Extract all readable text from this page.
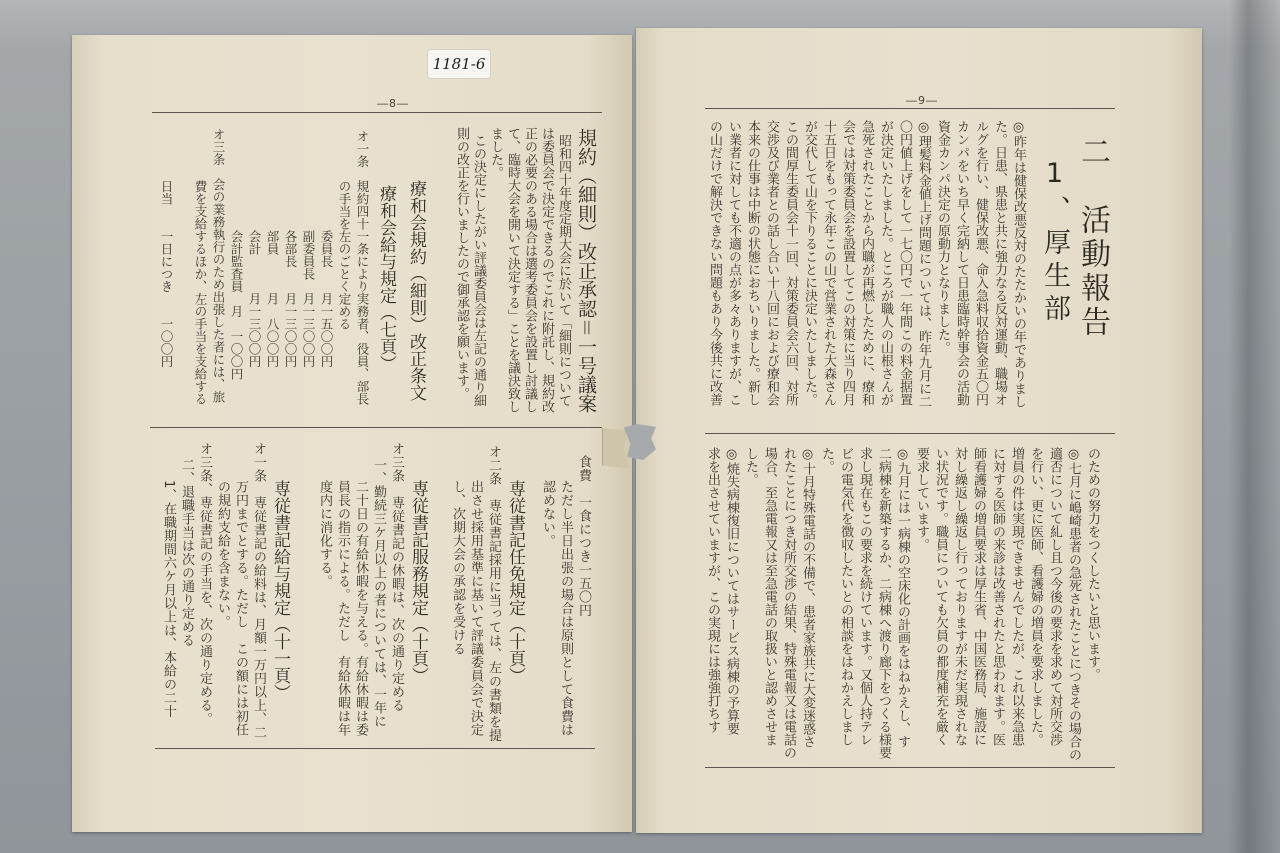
1181-6
―8―
規約（細則）改正承認＝一号議案
昭和四十年度定期大会に於いて「細則について
は委員会で決定できるのでこれに附託し、規約改
正の必要のある場合は選考委員会を設置し討議し
て、臨時大会を開いて決定する」ことを議決致し
ました。
この決定にしたがい評議委員会は左記の通り細
則の改正を行いましたので御承認を願います。
療和会規約（細則）改正条文
療和会給与規定（七頁）
オ一条　規約四十一条により実務者、役員、部長
の手当を左のごとく定める
委員長　　月一五〇〇円
副委員長　月一三〇〇円
各部長　　月一三〇〇円
部員　　　月　八〇〇円
会計　　　月一三〇〇円
会計監査員　月　一〇〇円
オ三条　会の業務執行のため出張した者には、旅
費を支給するほか、左の手当を支給する
日当　　一日につき　　一〇〇円
食費　一食につき一五〇円
ただし半日出張の場合は原則として食費は
認めない。
専従書記任免規定（十頁）
オ二条　専従書記採用に当っては、左の書類を提
出させ採用基準に基いて評議委員会で決定
し、次期大会の承認を受ける
専従書記服務規定（十頁）
オ三条　専従書記の休暇は、次の通り定める
一、勤続三ケ月以上の者については、一年に
二十日の有給休暇を与える。有給休暇は委
員長の指示による。ただし　有給休暇は年
度内に消化する。
専従書記給与規定（十一頁）
オ一条　専従書記の給料は、月額一万円以上、二
万円までとする。ただし　この額には初任
の規約支給を含まない。
オ三条、専従書記の手当を、次の通り定める。
二、退職手当は次の通り定める
1、在職期間六ケ月以上は、本給の二十
―9―
二　活動報告
1、厚生部
◎昨年は健保改悪反対のたたかいの年でありまし
た。日患、県患と共に強力なる反対運動、職場オ
ルグを行い、健保改悪、命入急料収拾資金五〇円
カンパをいち早く完納して日患臨時幹事会の活動
資金カンパ決定の原動力となりました。
◎理髪料金値上げ問題については、昨年九月に二
〇円値上げをして一七〇円で一年間この料金据置
が決定いたしました。ところが職人の山根さんが
急死されたことから内職が再燃したために、療和
会では対策委員会を設置してこの対策に当り四月
十五日をもって永年この山で営業された大森さん
が交代して山を下りることに決定いたしました。
この間厚生委員会十一回、対策委員会六回、対所
交渉及び業者との話し合い十八回におよび療和会
本来の仕事は中断の状態におちいりました。新し
い業者に対しても不適の点が多々ありますが、こ
の山だけで解決できない問題もあり今後共に改善
のための努力をつくしたいと思います。
◎七月に嶋崎患者の急死されたことにつきその場合の
適否について糺し且つ今後の要求を求めて対所交渉
を行い、更に医師、看護婦の増員を要求しました。
増員の件は実現できませんでしたが、これ以来急患
に対する医師の来診は改善されたと思われます。医
師看護婦の増員要求は厚生省、中国医務局、施設に
対し繰返し繰返し行っておりますが未だ実現されな
い状況です。職員についても欠員の都度補充を厳く
要求しています。
◎九月には一病棟の空床化の計画をはねかえし、す
二病棟を新築するか、二病棟へ渡り廊下をつくる様要
求し現在もこの要求を続けています。又個人持テレ
ビの電気代を徴収したいとの相談をはねかえしまし
た。
◎十月特殊電話の不備で、患者家族共に大変迷惑さ
れたことにつき対所交渉の結果、特殊電報又は電話の
場合、至急電報又は至急電話の取扱いと認めさせま
した。
◎焼失病棟復旧についてはサービス病棟の予算要
求を出させていますが、この実現には強強打ちす
